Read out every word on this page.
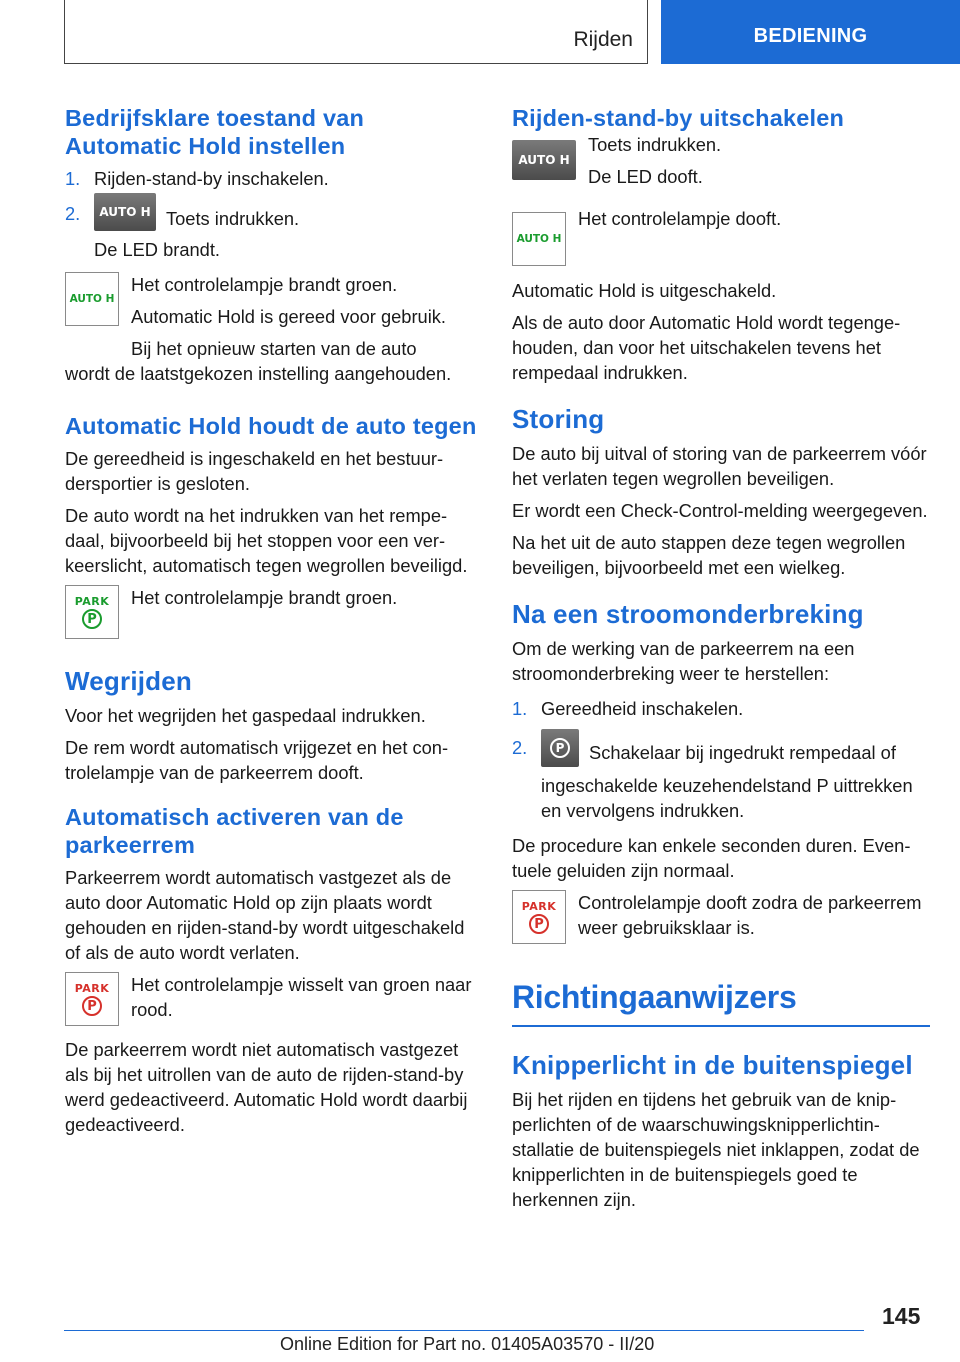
Rijden	BEDIENING
Bedrijfsklare toestand van Automatic Hold instellen
1. Rijden-stand-by inschakelen.
2. AUTO H Toets indrukken.
De LED brandt.
AUTO H

Het controlelampje brandt groen.

Automatic Hold is gereed voor gebruik.

Bij het opnieuw starten van de auto

wordt de laatstgekozen instelling aangehouden.

Automatic Hold houdt de auto tegen

De gereedheid is ingeschakeld en het bestuurdersportier is gesloten.

De auto wordt na het indrukken van het rempedaal, bijvoorbeeld bij het stoppen voor een verkeerslicht, automatisch tegen wegrollen beveiligd.

PARK
P

Het controlelampje brandt groen.

Wegrijden

Voor het wegrijden het gaspedaal indrukken.

De rem wordt automatisch vrijgezet en het controlelampje van de parkeerrem dooft.

Automatisch activeren van de parkeerrem

Parkeerrem wordt automatisch vastgezet als de auto door Automatic Hold op zijn plaats wordt gehouden en rijden-stand-by wordt uitgeschakeld of als de auto wordt verlaten.

PARK
P

Het controlelampje wisselt van groen naar rood.

De parkeerrem wordt niet automatisch vastgezet als bij het uitrollen van de auto de rijden-stand-by werd gedeactiveerd. Automatic Hold wordt daarbij gedeactiveerd.

Rijden-stand-by uitschakelen
AUTO H

Toets indrukken.

De LED dooft.

AUTO H

Het controlelampje dooft.

Automatic Hold is uitgeschakeld.

Als de auto door Automatic Hold wordt tegengehouden, dan voor het uitschakelen tevens het rempedaal indrukken.

Storing

De auto bij uitval of storing van de parkeerrem vóór het verlaten tegen wegrollen beveiligen.

Er wordt een Check-Control-melding weergegeven.

Na het uit de auto stappen deze tegen wegrollen beveiligen, bijvoorbeeld met een wielkeg.

Na een stroomonderbreking

Om de werking van de parkeerrem na een stroomonderbreking weer te herstellen:

1. Gereedheid inschakelen.
2.	P	Schakelaar bij ingedrukt rempedaal of ingeschakelde keuzehendelstand P uittrekken en vervolgens indrukken.

De procedure kan enkele seconden duren. Eventuele geluiden zijn normaal.

PARK
P

Controlelampje dooft zodra de parkeerrem weer gebruiksklaar is.

Richtingaanwijzers
Knipperlicht in de buitenspiegel

Bij het rijden en tijdens het gebruik van de knipperlichten of de waarschuwingsknipperlichtinstallatie de buitenspiegels niet inklappen, zodat de knipperlichten in de buitenspiegels goed te herkennen zijn.

145
Online Edition for Part no. 01405A03570 - II/20
